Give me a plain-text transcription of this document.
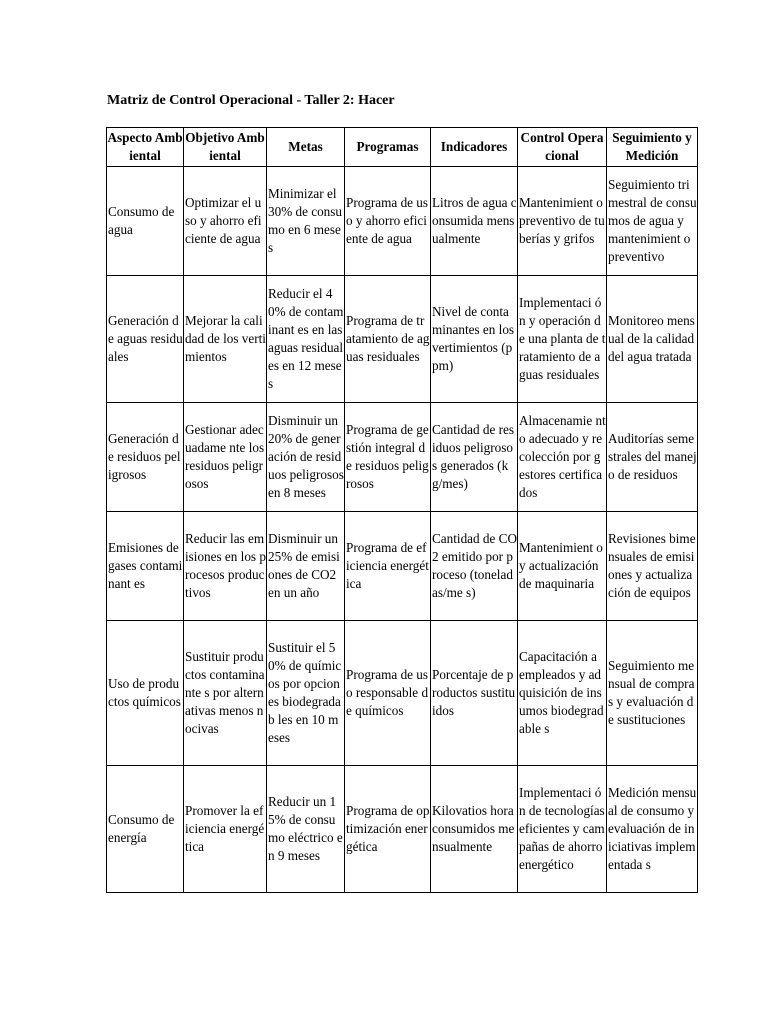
Matriz de Control Operacional - Taller 2: Hacer
Aspecto Ambiental	Objetivo Ambiental	Metas	Programas	Indicadores	Control Operacional	Seguimiento y Medición
Consumo de agua	Optimizar el uso y ahorro eficiente de agua	Minimizar el 30% de consumo en 6 meses	Programa de uso y ahorro eficiente de agua	Litros de agua consumida mensualmente	Mantenimient o preventivo de tuberías y grifos	Seguimiento trimestral de consumos de agua y mantenimient o preventivo
Generación de aguas residuales	Mejorar la calidad de los vertimientos	Reducir el 40% de contaminant es en las aguas residuales en 12 meses	Programa de tratamiento de aguas residuales	Nivel de contaminantes en los vertimientos (ppm)	Implementaci ón y operación de una planta de tratamiento de aguas residuales	Monitoreo mensual de la calidad del agua tratada
Generación de residuos peligrosos	Gestionar adecuadame nte los residuos peligrosos	Disminuir un 20% de generación de residuos peligrosos en 8 meses	Programa de gestión integral de residuos peligrosos	Cantidad de residuos peligrosos generados (kg/mes)	Almacenamie nto adecuado y recolección por gestores certificados	Auditorías semestrales del manejo de residuos
Emisiones de gases contaminant es	Reducir las emisiones en los procesos productivos	Disminuir un 25% de emisiones de CO2 en un año	Programa de eficiencia energética	Cantidad de CO2 emitido por proceso (toneladas/me s)	Mantenimient o y actualización de maquinaria	Revisiones bimensuales de emisiones y actualización de equipos
Uso de productos químicos	Sustituir productos contaminante s por alternativas menos nocivas	Sustituir el 50% de químicos por opciones biodegradab les en 10 meses	Programa de uso responsable de químicos	Porcentaje de productos sustituidos	Capacitación a empleados y adquisición de insumos biodegradable s	Seguimiento mensual de compras y evaluación de sustituciones
Consumo de energía	Promover la eficiencia energética	Reducir un 15% de consumo eléctrico en 9 meses	Programa de optimización energética	Kilovatios hora consumidos mensualmente	Implementaci ón de tecnologías eficientes y campañas de ahorro energético	Medición mensual de consumo y evaluación de iniciativas implementada s
